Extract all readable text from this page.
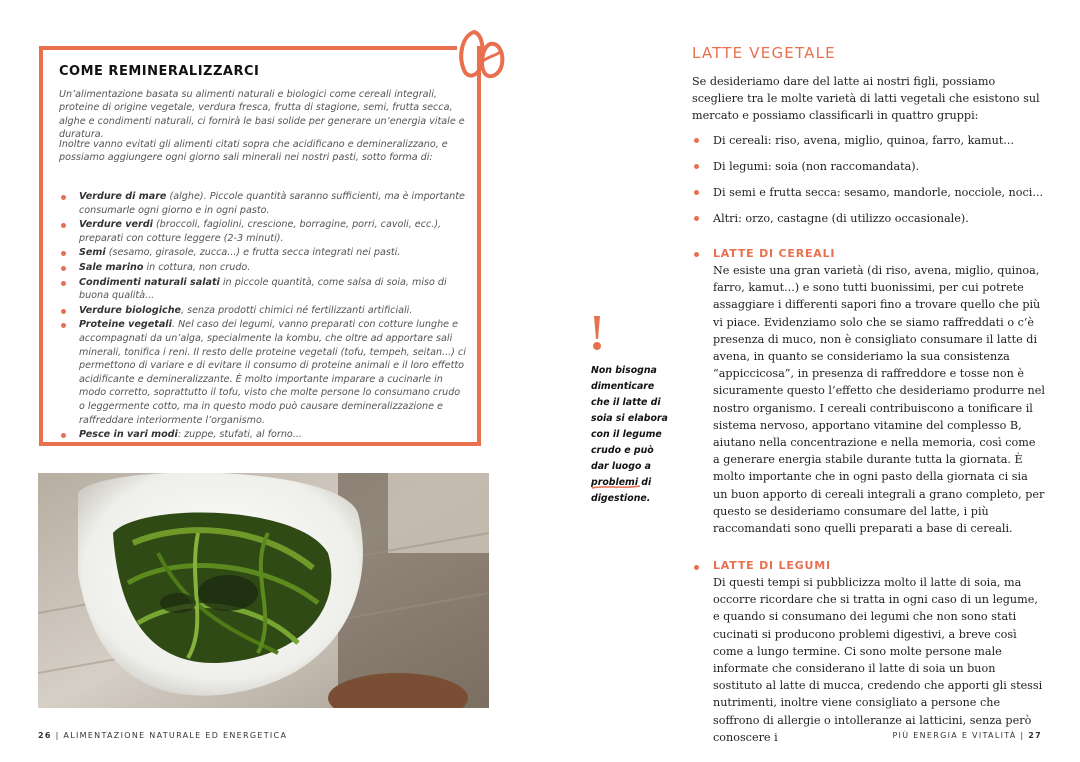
COME REMINERALIZZARCI
Un’alimentazione basata su alimenti naturali e biologici come cereali integrali, proteine di origine vegetale, verdura fresca, frutta di stagione, semi, frutta secca, alghe e condimenti naturali, ci fornirà le basi solide per generare un’energia vitale e duratura.
Inoltre vanno evitati gli alimenti citati sopra che acidificano e demineralizzano, e possiamo aggiungere ogni giorno sali minerali nei nostri pasti, sotto forma di:
Verdure di mare (alghe). Piccole quantità saranno sufficienti, ma è importante consumarle ogni giorno e in ogni pasto.
Verdure verdi (broccoli, fagiolini, crescione, borragine, porri, cavoli, ecc.), preparati con cotture leggere (2-3 minuti).
Semi (sesamo, girasole, zucca...) e frutta secca integrati nei pasti.
Sale marino in cottura, non crudo.
Condimenti naturali salati in piccole quantità, come salsa di soia, miso di buona qualità...
Verdure biologiche, senza prodotti chimici né fertilizzanti artificiali.
Proteine vegetali. Nel caso dei legumi, vanno preparati con cotture lunghe e accompagnati da un’alga, specialmente la kombu, che oltre ad apportare sali minerali, tonifica i reni. Il resto delle proteine vegetali (tofu, tempeh, seitan...) ci permettono di variare e di evitare il consumo di proteine animali e il loro effetto acidificante e demineralizzante. È molto importante imparare a cucinarle in modo corretto, soprattutto il tofu, visto che molte persone lo consumano crudo o leggermente cotto, ma in questo modo può causare demineralizzazione e raffreddare interiormente l’organismo.
Pesce in vari modi: zuppe, stufati, al forno...
26 | ALIMENTAZIONE NATURALE ED ENERGETICA
Non bisogna dimenticare che il latte di soia si elabora con il legume crudo e può dar luogo a problemi di digestione.
LATTE VEGETALE
Se desideriamo dare del latte ai nostri figli, possiamo scegliere tra le molte varietà di latti vegetali che esistono sul mercato e possiamo classificarli in quattro gruppi:
Di cereali: riso, avena, miglio, quinoa, farro, kamut...
Di legumi: soia (non raccomandata).
Di semi e frutta secca: sesamo, mandorle, nocciole, noci...
Altri: orzo, castagne (di utilizzo occasionale).
LATTE DI CEREALI
Ne esiste una gran varietà (di riso, avena, miglio, quinoa, farro, kamut...) e sono tutti buonissimi, per cui potrete assaggiare i differenti sapori fino a trovare quello che più vi piace. Evidenziamo solo che se siamo raffreddati o c’è presenza di muco, non è consigliato consumare il latte di avena, in quanto se consideriamo la sua consistenza “appiccicosa”, in presenza di raffreddore e tosse non è sicuramente questo l’effetto che desideriamo produrre nel nostro organismo. I cereali contribuiscono a tonificare il sistema nervoso, apportano vitamine del complesso B, aiutano nella concentrazione e nella memoria, così come a generare energia stabile durante tutta la giornata. È molto importante che in ogni pasto della giornata ci sia un buon apporto di cereali integrali a grano completo, per questo se desideriamo consumare del latte, i più raccomandati sono quelli preparati a base di cereali.
LATTE DI LEGUMI
Di questi tempi si pubblicizza molto il latte di soia, ma occorre ricordare che si tratta in ogni caso di un legume, e quando si consumano dei legumi che non sono stati cucinati si producono problemi digestivi, a breve così come a lungo termine. Ci sono molte persone male informate che considerano il latte di soia un buon sostituto al latte di mucca, credendo che apporti gli stessi nutrimenti, inoltre viene consigliato a persone che soffrono di allergie o intolleranze ai latticini, senza però conoscere i	PIÙ ENERGIA E VITALITÀ | 27
